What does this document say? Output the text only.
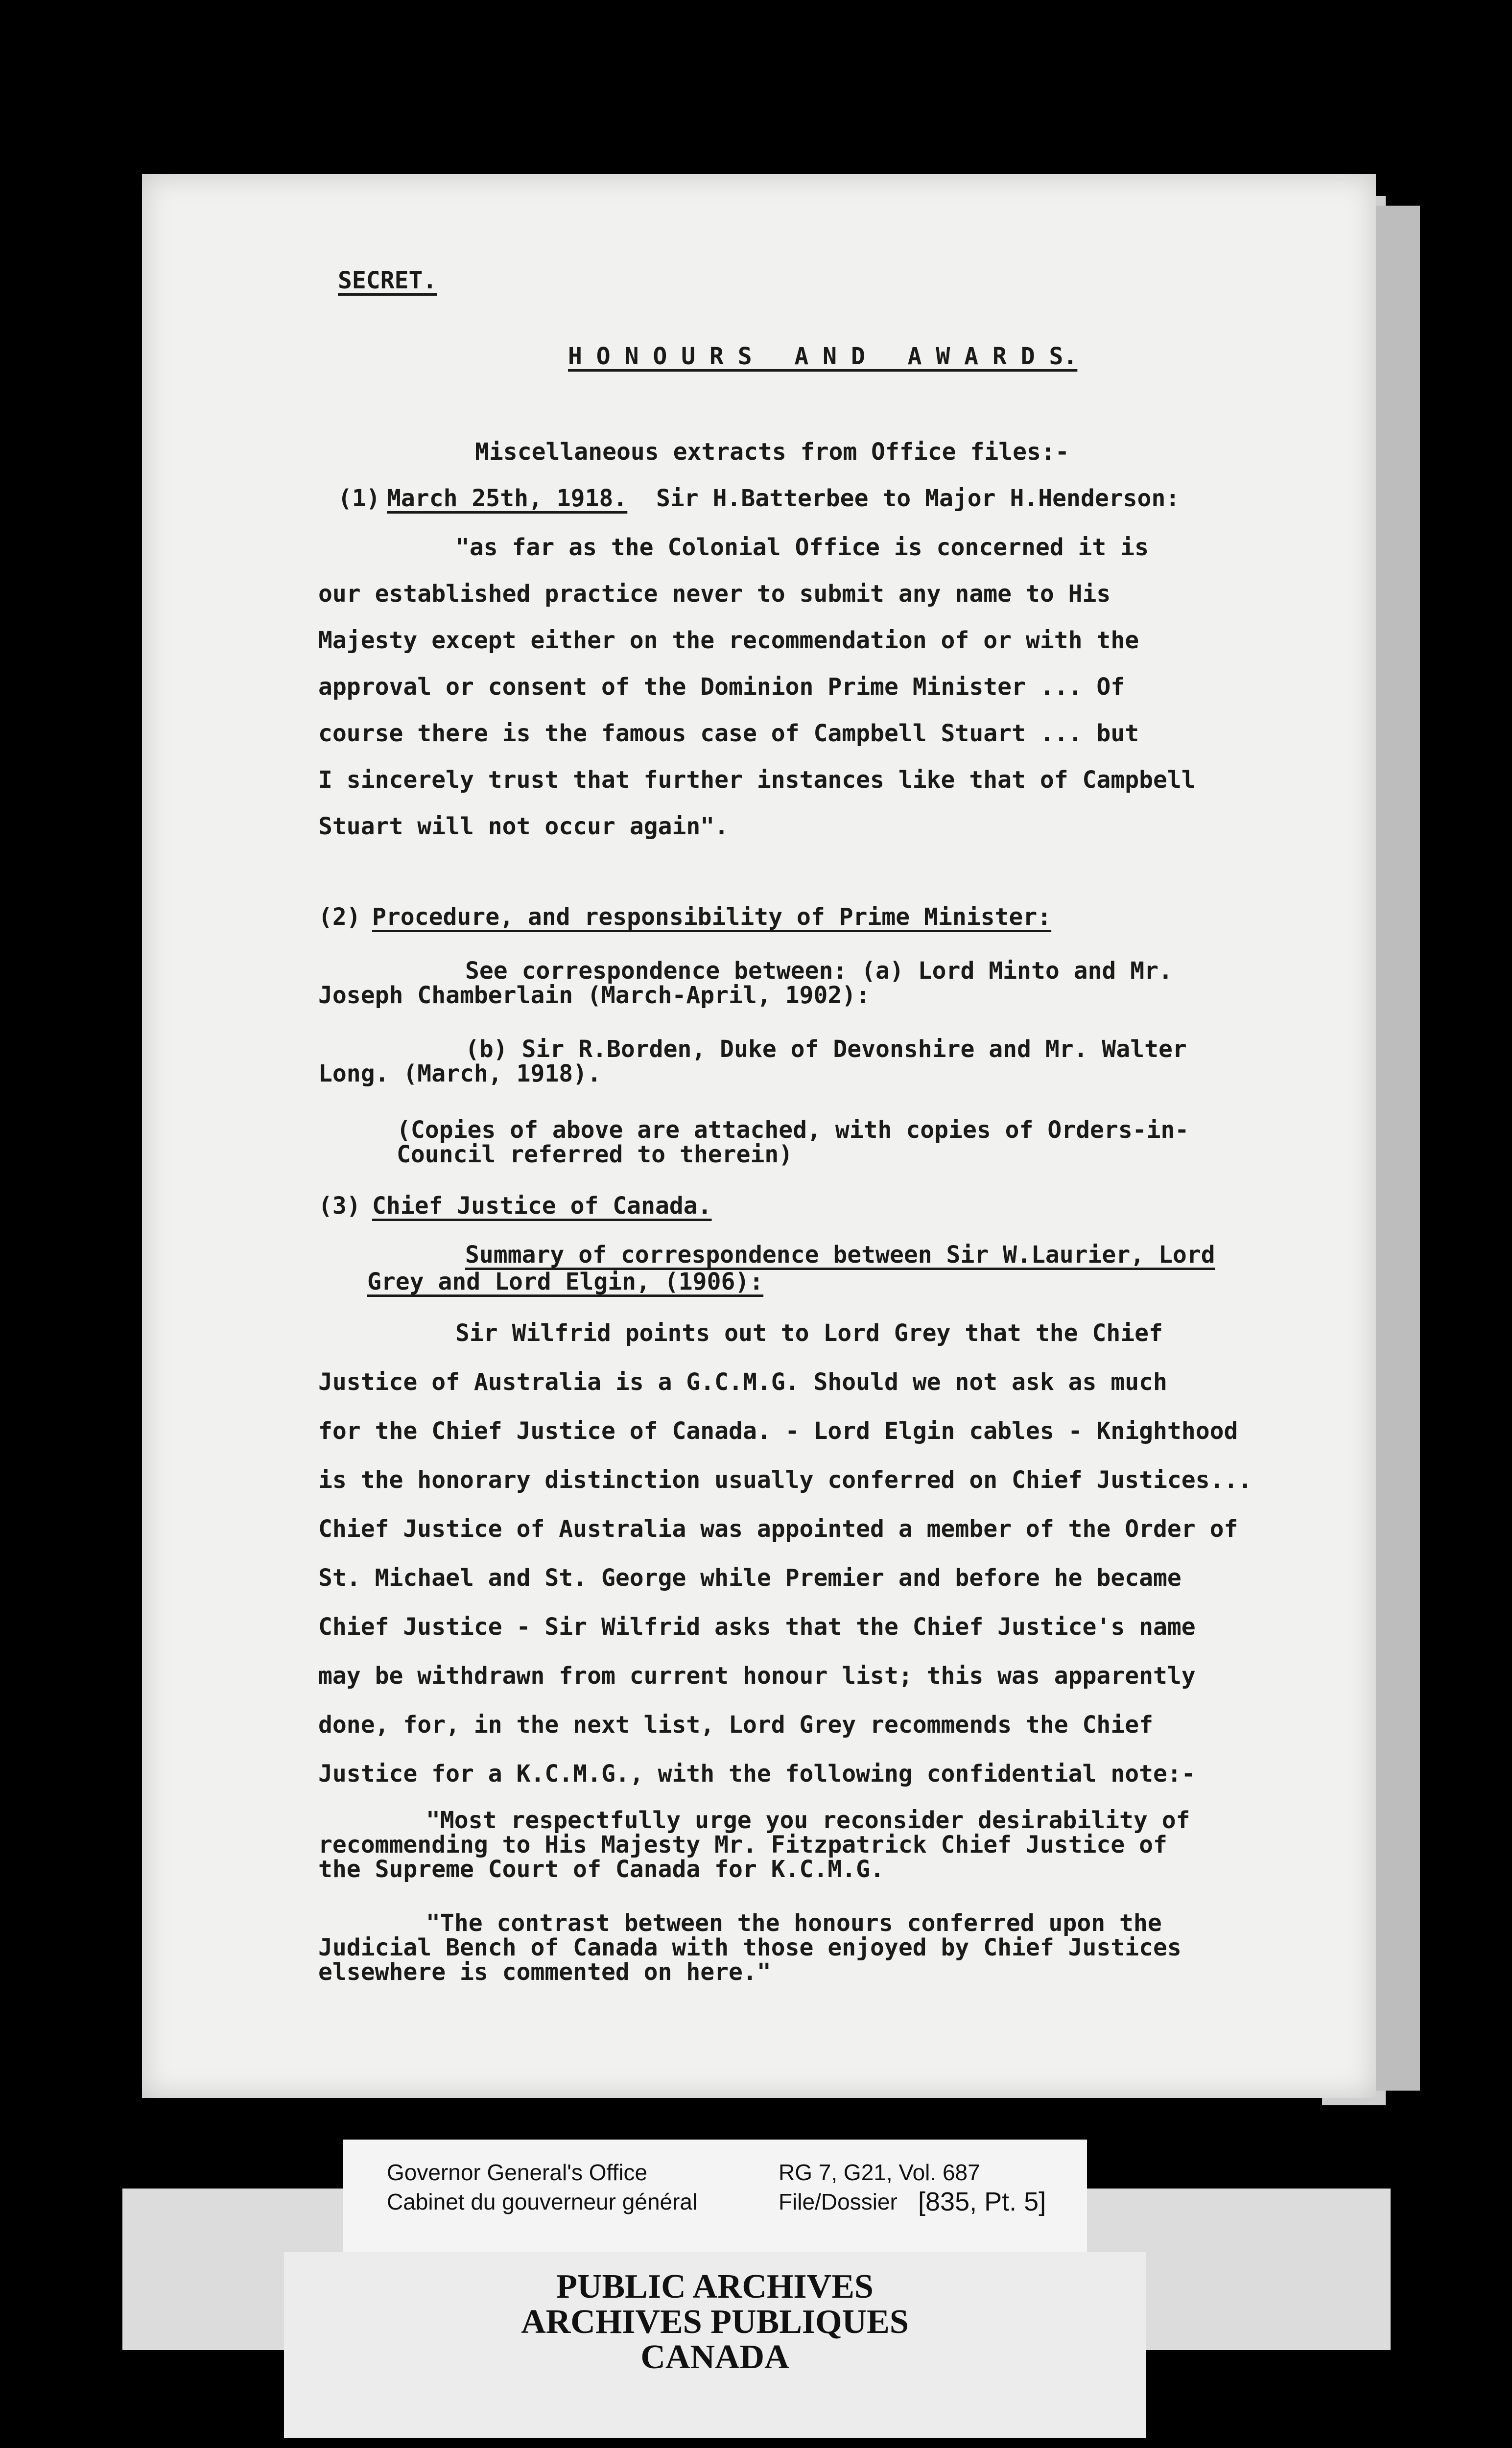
SECRET.
H O N O U R S   A N D   A W A R D S.
Miscellaneous extracts from Office files:-
(1) March 25th, 1918. Sir H.Batterbee to Major H.Henderson:
"as far as the Colonial Office is concerned it is
our established practice never to submit any name to His
Majesty except either on the recommendation of or with the
approval or consent of the Dominion Prime Minister ... Of
course there is the famous case of Campbell Stuart ... but
I sincerely trust that further instances like that of Campbell
Stuart will not occur again".
(2) Procedure, and responsibility of Prime Minister:
See correspondence between: (a) Lord Minto and Mr.
Joseph Chamberlain (March-April, 1902):
(b) Sir R.Borden, Duke of Devonshire and Mr. Walter
Long. (March, 1918).
(Copies of above are attached, with copies of Orders-in-
Council referred to therein)
(3) Chief Justice of Canada.
Summary of correspondence between Sir W.Laurier, Lord
Grey and Lord Elgin, (1906):
Sir Wilfrid points out to Lord Grey that the Chief
Justice of Australia is a G.C.M.G. Should we not ask as much
for the Chief Justice of Canada. - Lord Elgin cables - Knighthood
is the honorary distinction usually conferred on Chief Justices...
Chief Justice of Australia was appointed a member of the Order of
St. Michael and St. George while Premier and before he became
Chief Justice - Sir Wilfrid asks that the Chief Justice's name
may be withdrawn from current honour list; this was apparently
done, for, in the next list, Lord Grey recommends the Chief
Justice for a K.C.M.G., with the following confidential note:-
"Most respectfully urge you reconsider desirability of
recommending to His Majesty Mr. Fitzpatrick Chief Justice of
the Supreme Court of Canada for K.C.M.G.
"The contrast between the honours conferred upon the
Judicial Bench of Canada with those enjoyed by Chief Justices
elsewhere is commented on here."
Governor General's Office
Cabinet du gouverneur général
RG 7, G21, Vol. 687
File/Dossier [835, Pt. 5]
PUBLIC ARCHIVES
ARCHIVES PUBLIQUES
CANADA
